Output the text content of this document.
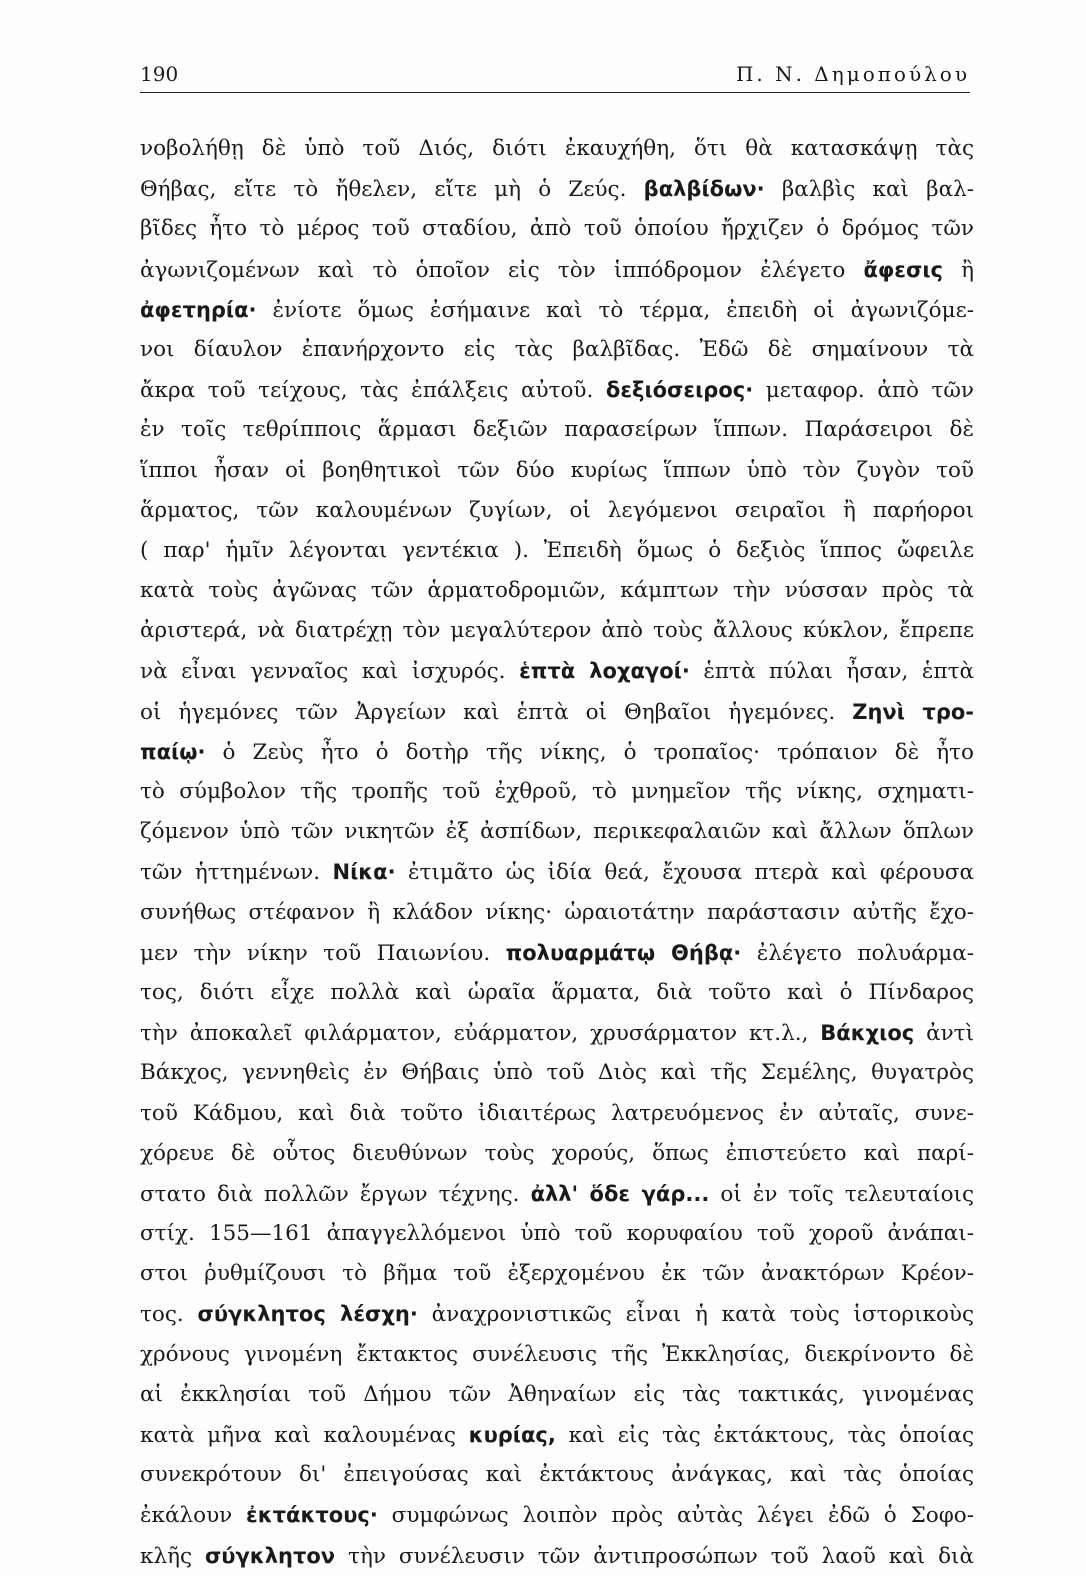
190	Π. Ν. Δημοπούλου
νοβολήθῃ δὲ ὑπὸ τοῦ Διός, διότι ἐκαυχήθη, ὅτι θὰ κατασκάψῃ τὰς
Θήβας, εἴτε τὸ ἤθελεν, εἴτε μὴ ὁ Ζεύς. βαλβίδων· βαλβὶς καὶ βαλ-
βῖδες ἦτο τὸ μέρος τοῦ σταδίου, ἀπὸ τοῦ ὁποίου ἤρχιζεν ὁ δρόμος τῶν
ἀγωνιζομένων καὶ τὸ ὁποῖον εἰς τὸν ἱππόδρομον ἐλέγετο ἄφεσις ἢ
ἀφετηρία· ἐνίοτε ὅμως ἐσήμαινε καὶ τὸ τέρμα, ἐπειδὴ οἱ ἀγωνιζόμε-
νοι δίαυλον ἐπανήρχοντο εἰς τὰς βαλβῖδας. Ἐδῶ δὲ σημαίνουν τὰ
ἄκρα τοῦ τείχους, τὰς ἐπάλξεις αὐτοῦ. δεξιόσειρος· μεταφορ. ἀπὸ τῶν
ἐν τοῖς τεθρίπποις ἅρμασι δεξιῶν παρασείρων ἵππων. Παράσειροι δὲ
ἵπποι ἦσαν οἱ βοηθητικοὶ τῶν δύο κυρίως ἵππων ὑπὸ τὸν ζυγὸν τοῦ
ἅρματος, τῶν καλουμένων ζυγίων, οἱ λεγόμενοι σειραῖοι ἢ παρήοροι
( παρ' ἡμῖν λέγονται γεντέκια ). Ἐπειδὴ ὅμως ὁ δεξιὸς ἵππος ὤφειλε
κατὰ τοὺς ἀγῶνας τῶν ἁρματοδρομιῶν, κάμπτων τὴν νύσσαν πρὸς τὰ
ἀριστερά, νὰ διατρέχῃ τὸν μεγαλύτερον ἀπὸ τοὺς ἄλλους κύκλον, ἔπρεπε
νὰ εἶναι γενναῖος καὶ ἰσχυρός. ἑπτὰ λοχαγοί· ἑπτὰ πύλαι ἦσαν, ἑπτὰ
οἱ ἡγεμόνες τῶν Ἀργείων καὶ ἑπτὰ οἱ Θηβαῖοι ἡγεμόνες. Ζηνὶ τρο-
παίῳ· ὁ Ζεὺς ἦτο ὁ δοτὴρ τῆς νίκης, ὁ τροπαῖος· τρόπαιον δὲ ἦτο
τὸ σύμβολον τῆς τροπῆς τοῦ ἐχθροῦ, τὸ μνημεῖον τῆς νίκης, σχηματι-
ζόμενον ὑπὸ τῶν νικητῶν ἐξ ἀσπίδων, περικεφαλαιῶν καὶ ἄλλων ὅπλων
τῶν ἡττημένων. Νίκα· ἐτιμᾶτο ὡς ἰδία θεά, ἔχουσα πτερὰ καὶ φέρουσα
συνήθως στέφανον ἢ κλάδον νίκης· ὡραιοτάτην παράστασιν αὐτῆς ἔχο-
μεν τὴν νίκην τοῦ Παιωνίου. πολυαρμάτῳ Θήβᾳ· ἐλέγετο πολυάρμα-
τος, διότι εἶχε πολλὰ καὶ ὡραῖα ἅρματα, διὰ τοῦτο καὶ ὁ Πίνδαρος
τὴν ἀποκαλεῖ φιλάρματον, εὐάρματον, χρυσάρματον κτ.λ., Βάκχιος ἀντὶ
Βάκχος, γεννηθεὶς ἐν Θήβαις ὑπὸ τοῦ Διὸς καὶ τῆς Σεμέλης, θυγατρὸς
τοῦ Κάδμου, καὶ διὰ τοῦτο ἰδιαιτέρως λατρευόμενος ἐν αὐταῖς, συνε-
χόρευε δὲ οὗτος διευθύνων τοὺς χορούς, ὅπως ἐπιστεύετο καὶ παρί-
στατο διὰ πολλῶν ἔργων τέχνης. ἀλλ' ὅδε γάρ... οἱ ἐν τοῖς τελευταίοις
στίχ. 155—161 ἀπαγγελλόμενοι ὑπὸ τοῦ κορυφαίου τοῦ χοροῦ ἀνάπαι-
στοι ῥυθμίζουσι τὸ βῆμα τοῦ ἐξερχομένου ἐκ τῶν ἀνακτόρων Κρέον-
τος. σύγκλητος λέσχη· ἀναχρονιστικῶς εἶναι ἡ κατὰ τοὺς ἱστορικοὺς
χρόνους γινομένη ἔκτακτος συνέλευσις τῆς Ἐκκλησίας, διεκρίνοντο δὲ
αἱ ἐκκλησίαι τοῦ Δήμου τῶν Ἀθηναίων εἰς τὰς τακτικάς, γινομένας
κατὰ μῆνα καὶ καλουμένας κυρίας, καὶ εἰς τὰς ἐκτάκτους, τὰς ὁποίας
συνεκρότουν δι' ἐπειγούσας καὶ ἐκτάκτους ἀνάγκας, καὶ τὰς ὁποίας
ἐκάλουν ἐκτάκτους· συμφώνως λοιπὸν πρὸς αὐτὰς λέγει ἐδῶ ὁ Σοφο-
κλῆς σύγκλητον τὴν συνέλευσιν τῶν ἀντιπροσώπων τοῦ λαοῦ καὶ διὰ
